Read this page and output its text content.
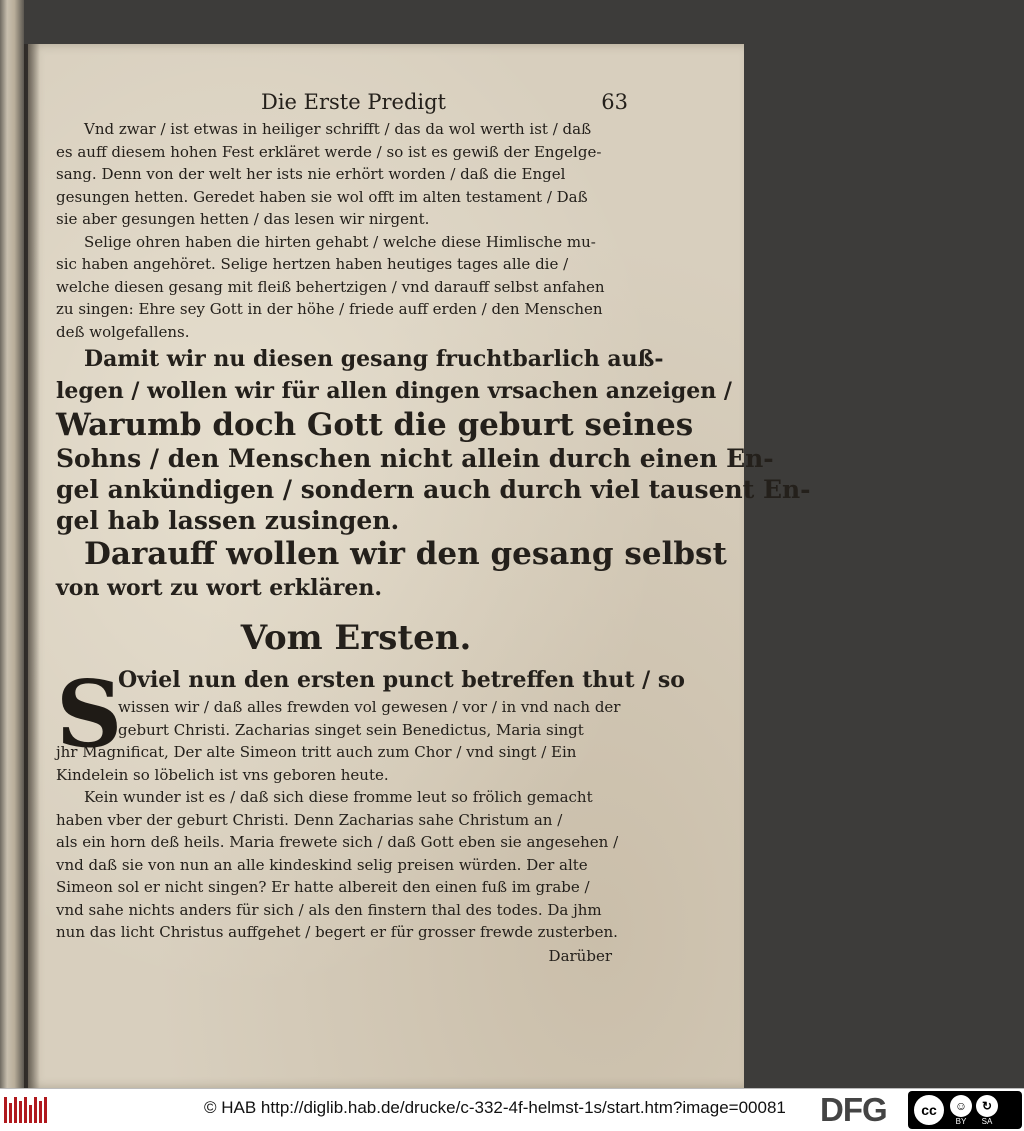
Die Erste Predigt	63

Vnd zwar / ist etwas in heiliger schrifft / das da wol werth ist / daß

es auff diesem hohen Fest erkläret werde / so ist es gewiß der Engelge-

sang. Denn von der welt her ists nie erhört worden / daß die Engel

gesungen hetten. Geredet haben sie wol offt im alten testament / Daß

sie aber gesungen hetten / das lesen wir nirgent.

Selige ohren haben die hirten gehabt / welche diese Himlische mu-

sic haben angehöret. Selige hertzen haben heutiges tages alle die /

welche diesen gesang mit fleiß behertzigen / vnd darauff selbst anfahen

zu singen: Ehre sey Gott in der höhe / friede auff erden / den Menschen

deß wolgefallens.

Damit wir nu diesen gesang fruchtbarlich auß-

legen / wollen wir für allen dingen vrsachen anzeigen /

Warumb doch Gott die geburt seines

Sohns / den Menschen nicht allein durch einen En-

gel ankündigen / sondern auch durch viel tausent En-

gel hab lassen zusingen.

Darauff wollen wir den gesang selbst

von wort zu wort erklären.

Vom Ersten.
S

Oviel nun den ersten punct betreffen thut / so

wissen wir / daß alles frewden vol gewesen / vor / in vnd nach der

geburt Christi. Zacharias singet sein Benedictus, Maria singt

jhr Magnificat, Der alte Simeon tritt auch zum Chor / vnd singt / Ein

Kindelein so löbelich ist vns geboren heute.

Kein wunder ist es / daß sich diese fromme leut so frölich gemacht

haben vber der geburt Christi. Denn Zacharias sahe Christum an /

als ein horn deß heils. Maria frewete sich / daß Gott eben sie angesehen /

vnd daß sie von nun an alle kindeskind selig preisen würden. Der alte

Simeon sol er nicht singen? Er hatte albereit den einen fuß im grabe /

vnd sahe nichts anders für sich / als den finstern thal des todes. Da jhm

nun das licht Christus auffgehet / begert er für grosser frewde zusterben.

Darüber

© HAB http://diglib.hab.de/drucke/c-332-4f-helmst-1s/start.htm?image=00081 DFG	cc	☺
BY
↻
SA
